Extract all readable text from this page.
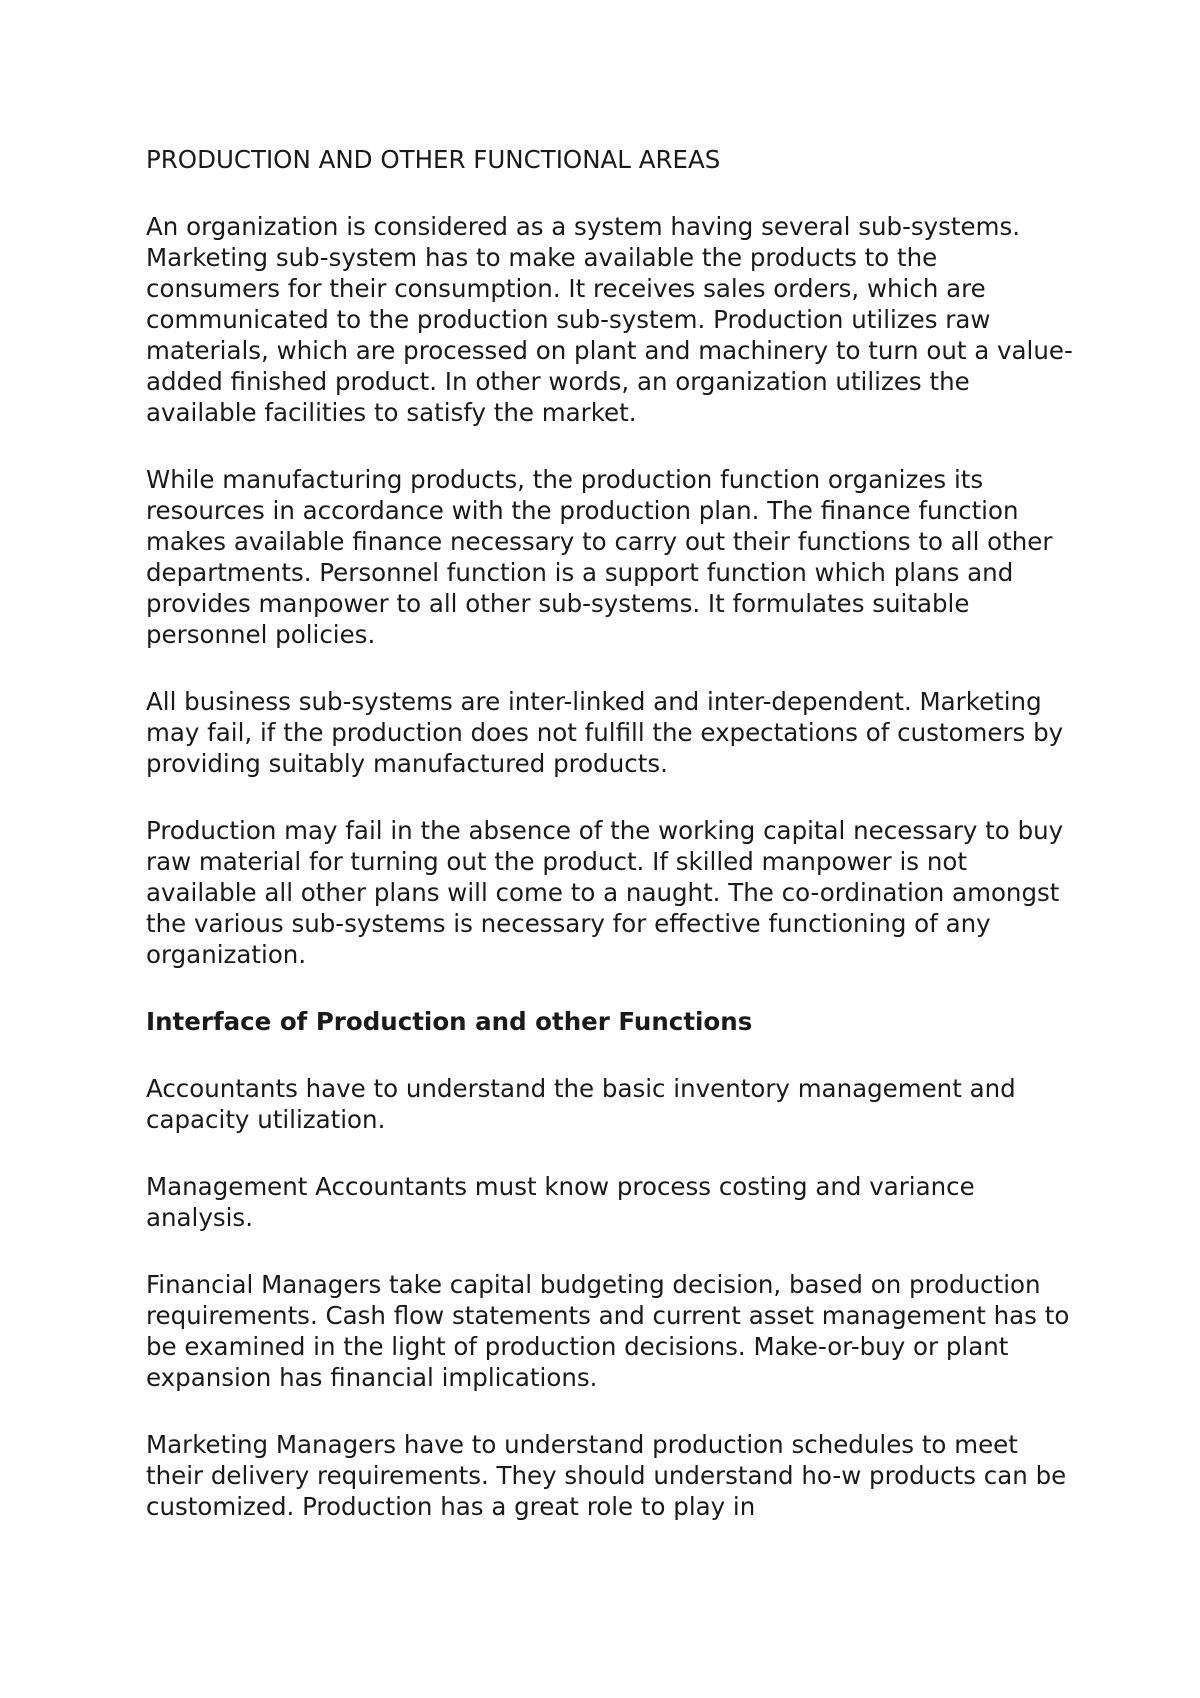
PRODUCTION AND OTHER FUNCTIONAL AREAS

An organization is considered as a system having several sub-systems. Marketing sub-system has to make available the products to the consumers for their consumption. It receives sales orders, which are communicated to the production sub-system. Production utilizes raw materials, which are processed on plant and machinery to turn out a value-added finished product. In other words, an organization utilizes the available facilities to satisfy the market.

While manufacturing products, the production function organizes its resources in accordance with the production plan. The finance function makes available finance necessary to carry out their functions to all other departments. Personnel function is a support function which plans and provides manpower to all other sub-systems. It formulates suitable personnel policies.

All business sub-systems are inter-linked and inter-dependent. Marketing may fail, if the production does not fulfill the expectations of customers by providing suitably manufactured products.

Production may fail in the absence of the working capital necessary to buy raw material for turning out the product. If skilled manpower is not available all other plans will come to a naught. The co-ordination amongst the various sub-systems is necessary for effective functioning of any organization.

Interface of Production and other Functions

Accountants have to understand the basic inventory management and capacity utilization.

Management Accountants must know process costing and variance analysis.

Financial Managers take capital budgeting decision, based on production requirements. Cash flow statements and current asset management has to be examined in the light of production decisions. Make-or-buy or plant expansion has financial implications.

Marketing Managers have to understand production schedules to meet their delivery requirements. They should understand ho-w products can be customized. Production has a great role to play in
